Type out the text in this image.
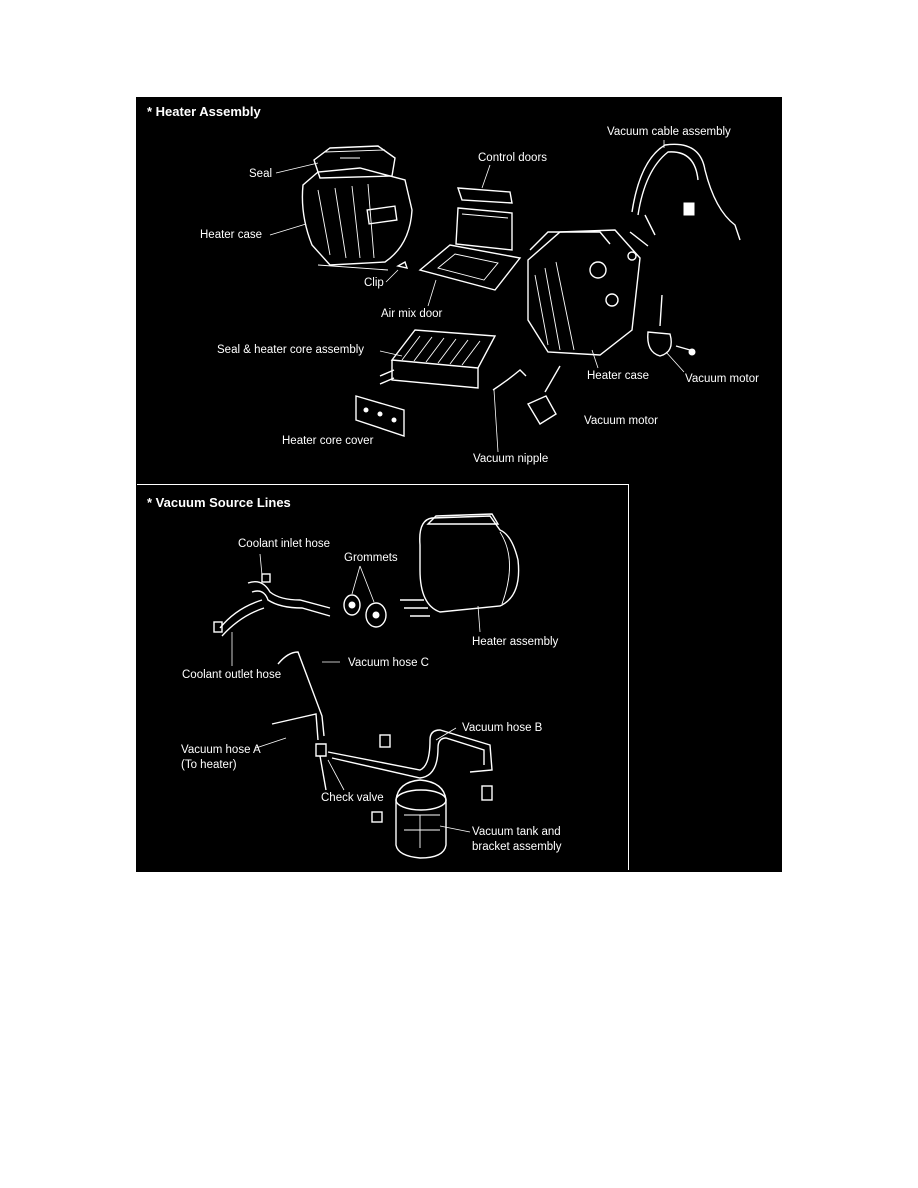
* Heater Assembly
* Vacuum Source Lines
Seal
Heater case
Control doors
Vacuum cable assembly
Clip
Air mix door
Seal & heater core assembly
Heater case	Vacuum motor
Vacuum motor
Heater core cover
Vacuum nipple
Coolant inlet hose
Grommets
Heater assembly
Coolant outlet hose
Vacuum hose C
Vacuum hose B
Vacuum hose A
(To heater)
Check valve
Vacuum tank and
bracket assembly
